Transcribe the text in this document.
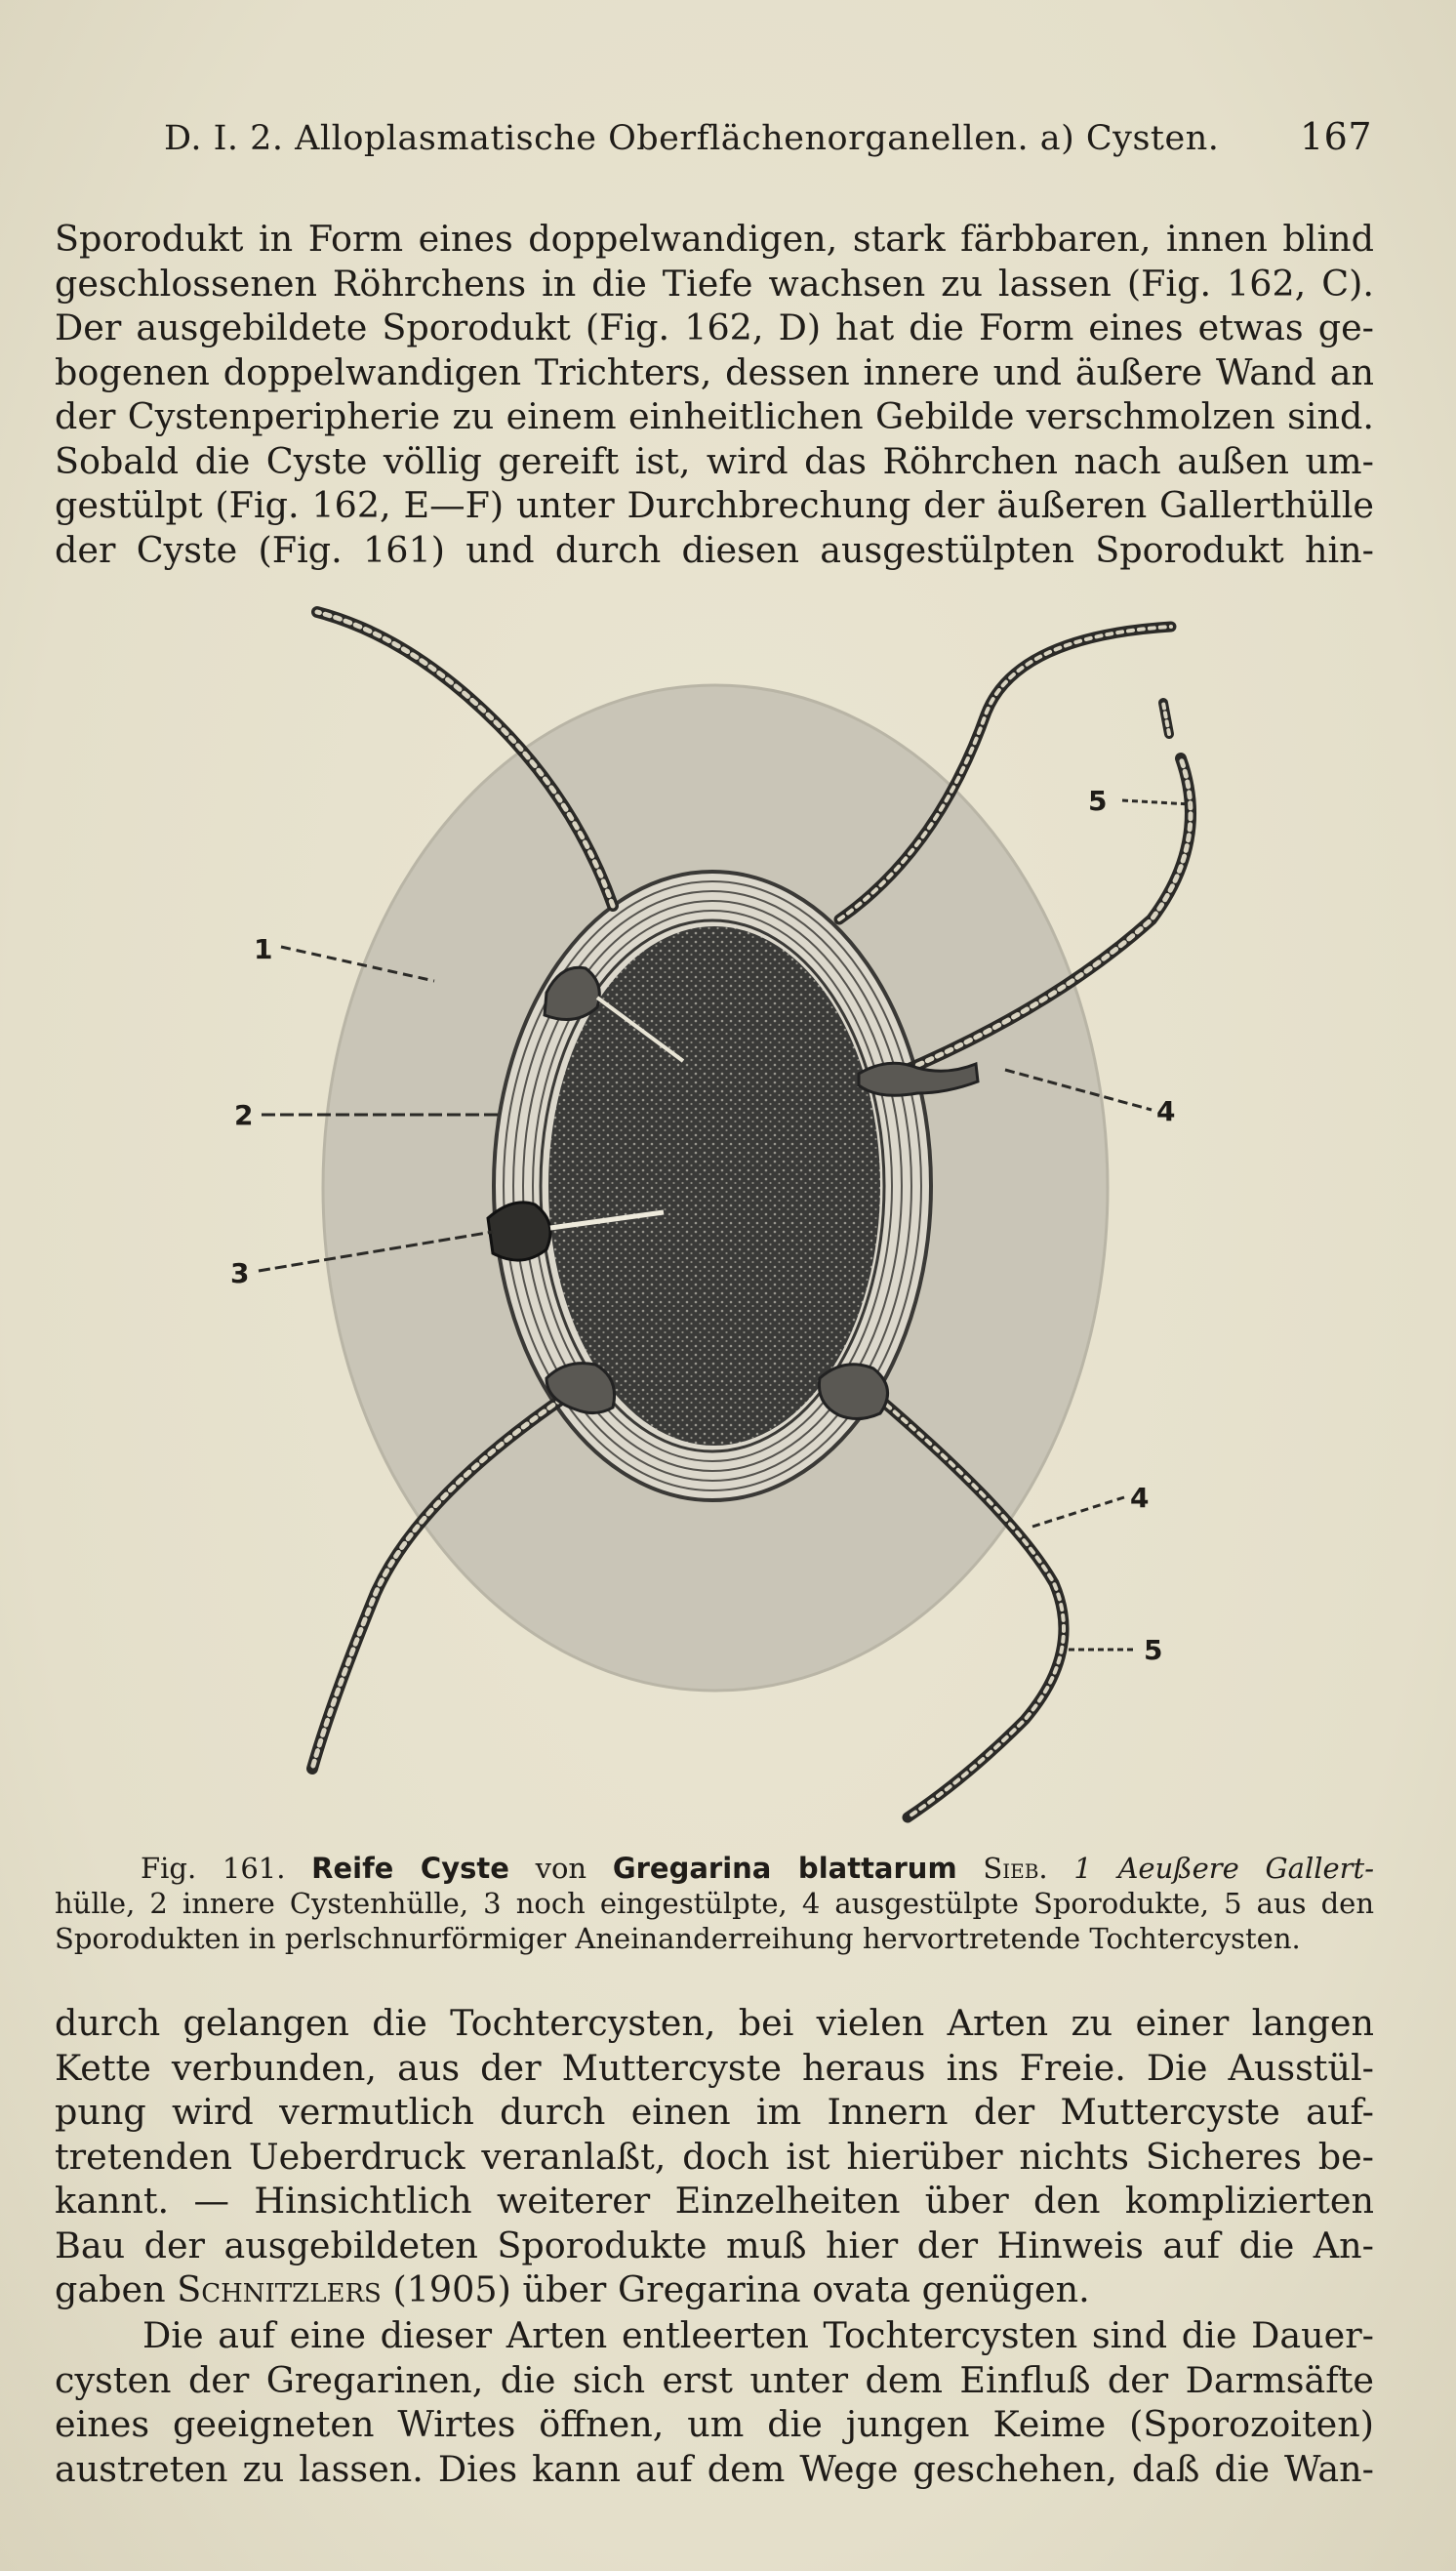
D. I. 2. Alloplasmatische Oberflächenorganellen. a) Cysten. 167
Sporodukt in Form eines doppelwandigen, stark färbbaren, innen blind
geschlossenen Röhrchens in die Tiefe wachsen zu lassen (Fig. 162, C).
Der ausgebildete Sporodukt (Fig. 162, D) hat die Form eines etwas ge-
bogenen doppelwandigen Trichters, dessen innere und äußere Wand an
der Cystenperipherie zu einem einheitlichen Gebilde verschmolzen sind.
Sobald die Cyste völlig gereift ist, wird das Röhrchen nach außen um-
gestülpt (Fig. 162, E—F) unter Durchbrechung der äußeren Gallerthülle
der Cyste (Fig. 161) und durch diesen ausgestülpten Sporodukt hin-
1
2
3
4
5
4
5
Fig. 161. Reife Cyste von Gregarina blattarum Sieb. 1 Aeußere Gallert-
hülle, 2 innere Cystenhülle, 3 noch eingestülpte, 4 ausgestülpte Sporodukte, 5 aus den
Sporodukten in perlschnurförmiger Aneinanderreihung hervortretende Tochtercysten.
durch gelangen die Tochtercysten, bei vielen Arten zu einer langen
Kette verbunden, aus der Muttercyste heraus ins Freie. Die Ausstül-
pung wird vermutlich durch einen im Innern der Muttercyste auf-
tretenden Ueberdruck veranlaßt, doch ist hierüber nichts Sicheres be-
kannt. — Hinsichtlich weiterer Einzelheiten über den komplizierten
Bau der ausgebildeten Sporodukte muß hier der Hinweis auf die An-
gaben Schnitzlers (1905) über Gregarina ovata genügen.
Die auf eine dieser Arten entleerten Tochtercysten sind die Dauer-
cysten der Gregarinen, die sich erst unter dem Einfluß der Darmsäfte
eines geeigneten Wirtes öffnen, um die jungen Keime (Sporozoiten)
austreten zu lassen. Dies kann auf dem Wege geschehen, daß die Wan-
